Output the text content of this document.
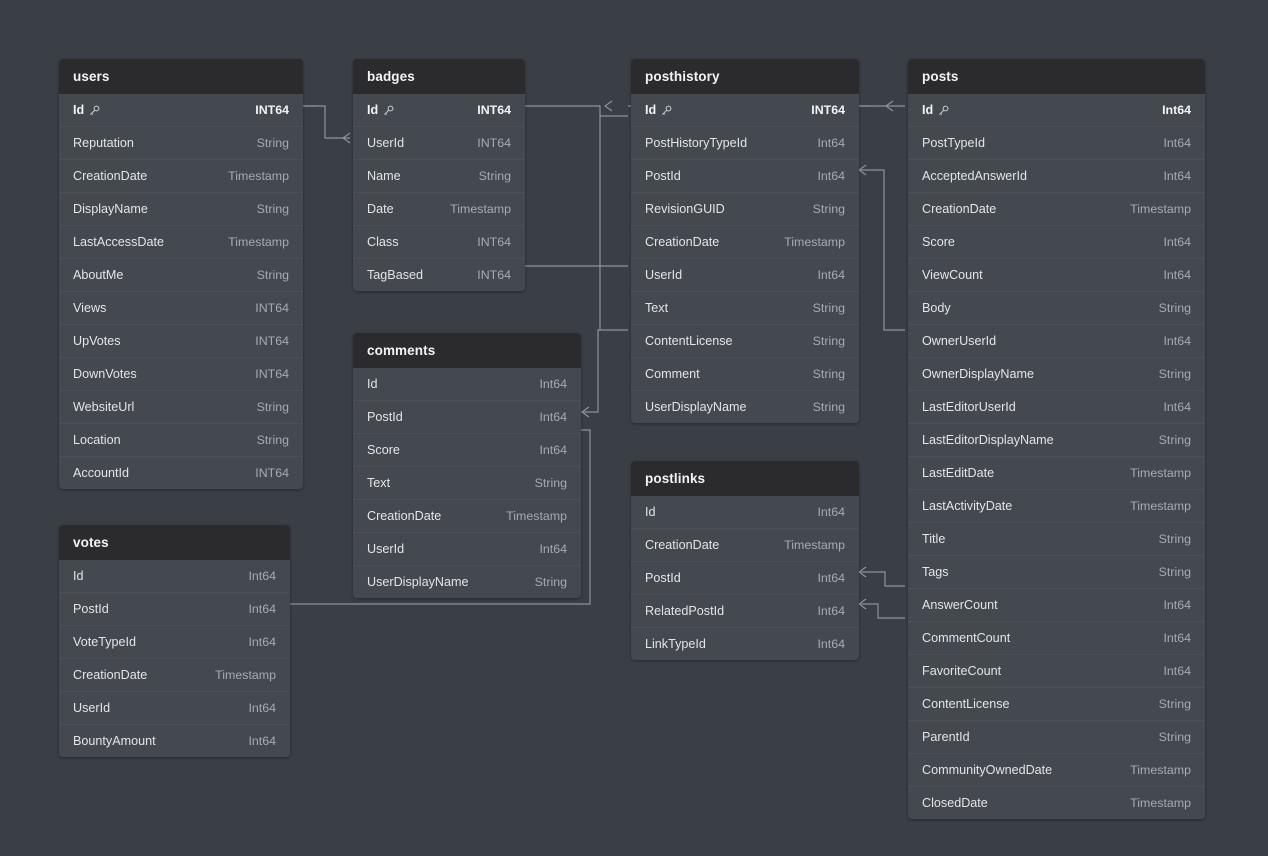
users
Id	INT64
Reputation	String
CreationDate	Timestamp
DisplayName	String
LastAccessDate	Timestamp
AboutMe	String
Views	INT64
UpVotes	INT64
DownVotes	INT64
WebsiteUrl	String
Location	String
AccountId	INT64
badges
Id	INT64
UserId	INT64
Name	String
Date	Timestamp
Class	INT64
TagBased	INT64
posthistory
Id	INT64
PostHistoryTypeId	Int64
PostId	Int64
RevisionGUID	String
CreationDate	Timestamp
UserId	Int64
Text	String
ContentLicense	String
Comment	String
UserDisplayName	String
posts
Id	Int64
PostTypeId	Int64
AcceptedAnswerId	Int64
CreationDate	Timestamp
Score	Int64
ViewCount	Int64
Body	String
OwnerUserId	Int64
OwnerDisplayName	String
LastEditorUserId	Int64
LastEditorDisplayName	String
LastEditDate	Timestamp
LastActivityDate	Timestamp
Title	String
Tags	String
AnswerCount	Int64
CommentCount	Int64
FavoriteCount	Int64
ContentLicense	String
ParentId	String
CommunityOwnedDate	Timestamp
ClosedDate	Timestamp
comments
Id	Int64
PostId	Int64
Score	Int64
Text	String
CreationDate	Timestamp
UserId	Int64
UserDisplayName	String
postlinks
Id	Int64
CreationDate	Timestamp
PostId	Int64
RelatedPostId	Int64
LinkTypeId	Int64
votes
Id	Int64
PostId	Int64
VoteTypeId	Int64
CreationDate	Timestamp
UserId	Int64
BountyAmount	Int64
